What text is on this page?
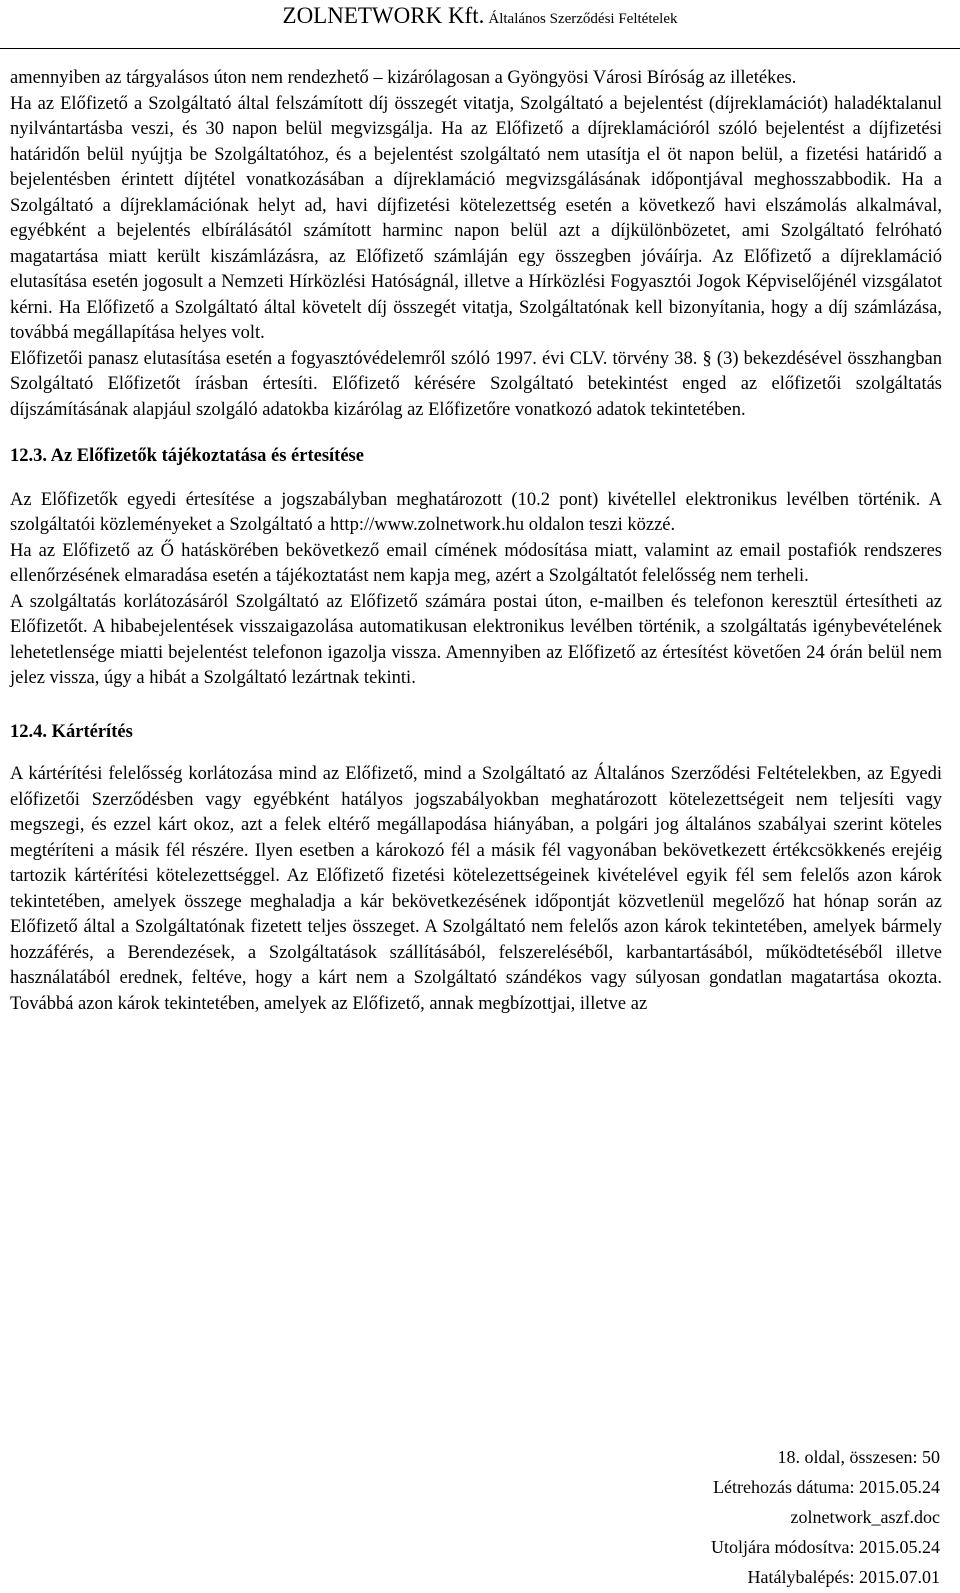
ZOLNETWORK Kft. Általános Szerződési Feltételek

amennyiben az tárgyalásos úton nem rendezhető – kizárólagosan a Gyöngyösi Városi Bíróság az illetékes.

Ha az Előfizető a Szolgáltató által felszámított díj összegét vitatja, Szolgáltató a bejelentést (díjreklamációt) haladéktalanul nyilvántartásba veszi, és 30 napon belül megvizsgálja. Ha az Előfizető a díjreklamációról szóló bejelentést a díjfizetési határidőn belül nyújtja be Szolgáltatóhoz, és a bejelentést szolgáltató nem utasítja el öt napon belül, a fizetési határidő a bejelentésben érintett díjtétel vonatkozásában a díjreklamáció megvizsgálásának időpontjával meghosszabbodik. Ha a Szolgáltató a díjreklamációnak helyt ad, havi díjfizetési kötelezettség esetén a következő havi elszámolás alkalmával, egyébként a bejelentés elbírálásától számított harminc napon belül azt a díjkülönbözetet, ami Szolgáltató felróható magatartása miatt került kiszámlázásra, az Előfizető számláján egy összegben jóváírja. Az Előfizető a díjreklamáció elutasítása esetén jogosult a Nemzeti Hírközlési Hatóságnál, illetve a Hírközlési Fogyasztói Jogok Képviselőjénél vizsgálatot kérni. Ha Előfizető a Szolgáltató által követelt díj összegét vitatja, Szolgáltatónak kell bizonyítania, hogy a díj számlázása, továbbá megállapítása helyes volt.

Előfizetői panasz elutasítása esetén a fogyasztóvédelemről szóló 1997. évi CLV. törvény 38. § (3) bekezdésével összhangban Szolgáltató Előfizetőt írásban értesíti. Előfizető kérésére Szolgáltató betekintést enged az előfizetői szolgáltatás díjszámításának alapjául szolgáló adatokba kizárólag az Előfizetőre vonatkozó adatok tekintetében.

12.3. Az Előfizetők tájékoztatása és értesítése

Az Előfizetők egyedi értesítése a jogszabályban meghatározott (10.2 pont) kivétellel elektronikus levélben történik. A szolgáltatói közleményeket a Szolgáltató a http://www.zolnetwork.hu oldalon teszi közzé.

Ha az Előfizető az Ő hatáskörében bekövetkező email címének módosítása miatt, valamint az email postafiók rendszeres ellenőrzésének elmaradása esetén a tájékoztatást nem kapja meg, azért a Szolgáltatót felelősség nem terheli.

A szolgáltatás korlátozásáról Szolgáltató az Előfizető számára postai úton, e-mailben és telefonon keresztül értesítheti az Előfizetőt. A hibabejelentések visszaigazolása automatikusan elektronikus levélben történik, a szolgáltatás igénybevételének lehetetlensége miatti bejelentést telefonon igazolja vissza. Amennyiben az Előfizető az értesítést követően 24 órán belül nem jelez vissza, úgy a hibát a Szolgáltató lezártnak tekinti.

12.4. Kártérítés

A kártérítési felelősség korlátozása mind az Előfizető, mind a Szolgáltató az Általános Szerződési Feltételekben, az Egyedi előfizetői Szerződésben vagy egyébként hatályos jogszabályokban meghatározott kötelezettségeit nem teljesíti vagy megszegi, és ezzel kárt okoz, azt a felek eltérő megállapodása hiányában, a polgári jog általános szabályai szerint köteles megtéríteni a másik fél részére. Ilyen esetben a károkozó fél a másik fél vagyonában bekövetkezett értékcsökkenés erejéig tartozik kártérítési kötelezettséggel. Az Előfizető fizetési kötelezettségeinek kivételével egyik fél sem felelős azon károk tekintetében, amelyek összege meghaladja a kár bekövetkezésének időpontját közvetlenül megelőző hat hónap során az Előfizető által a Szolgáltatónak fizetett teljes összeget. A Szolgáltató nem felelős azon károk tekintetében, amelyek bármely hozzáférés, a Berendezések, a Szolgáltatások szállításából, felszereléséből, karbantartásából, működtetéséből illetve használatából erednek, feltéve, hogy a kárt nem a Szolgáltató szándékos vagy súlyosan gondatlan magatartása okozta. Továbbá azon károk tekintetében, amelyek az Előfizető, annak megbízottjai, illetve az

18. oldal, összesen: 50
Létrehozás dátuma: 2015.05.24
zolnetwork_aszf.doc
Utoljára módosítva: 2015.05.24
Hatálybalépés: 2015.07.01
